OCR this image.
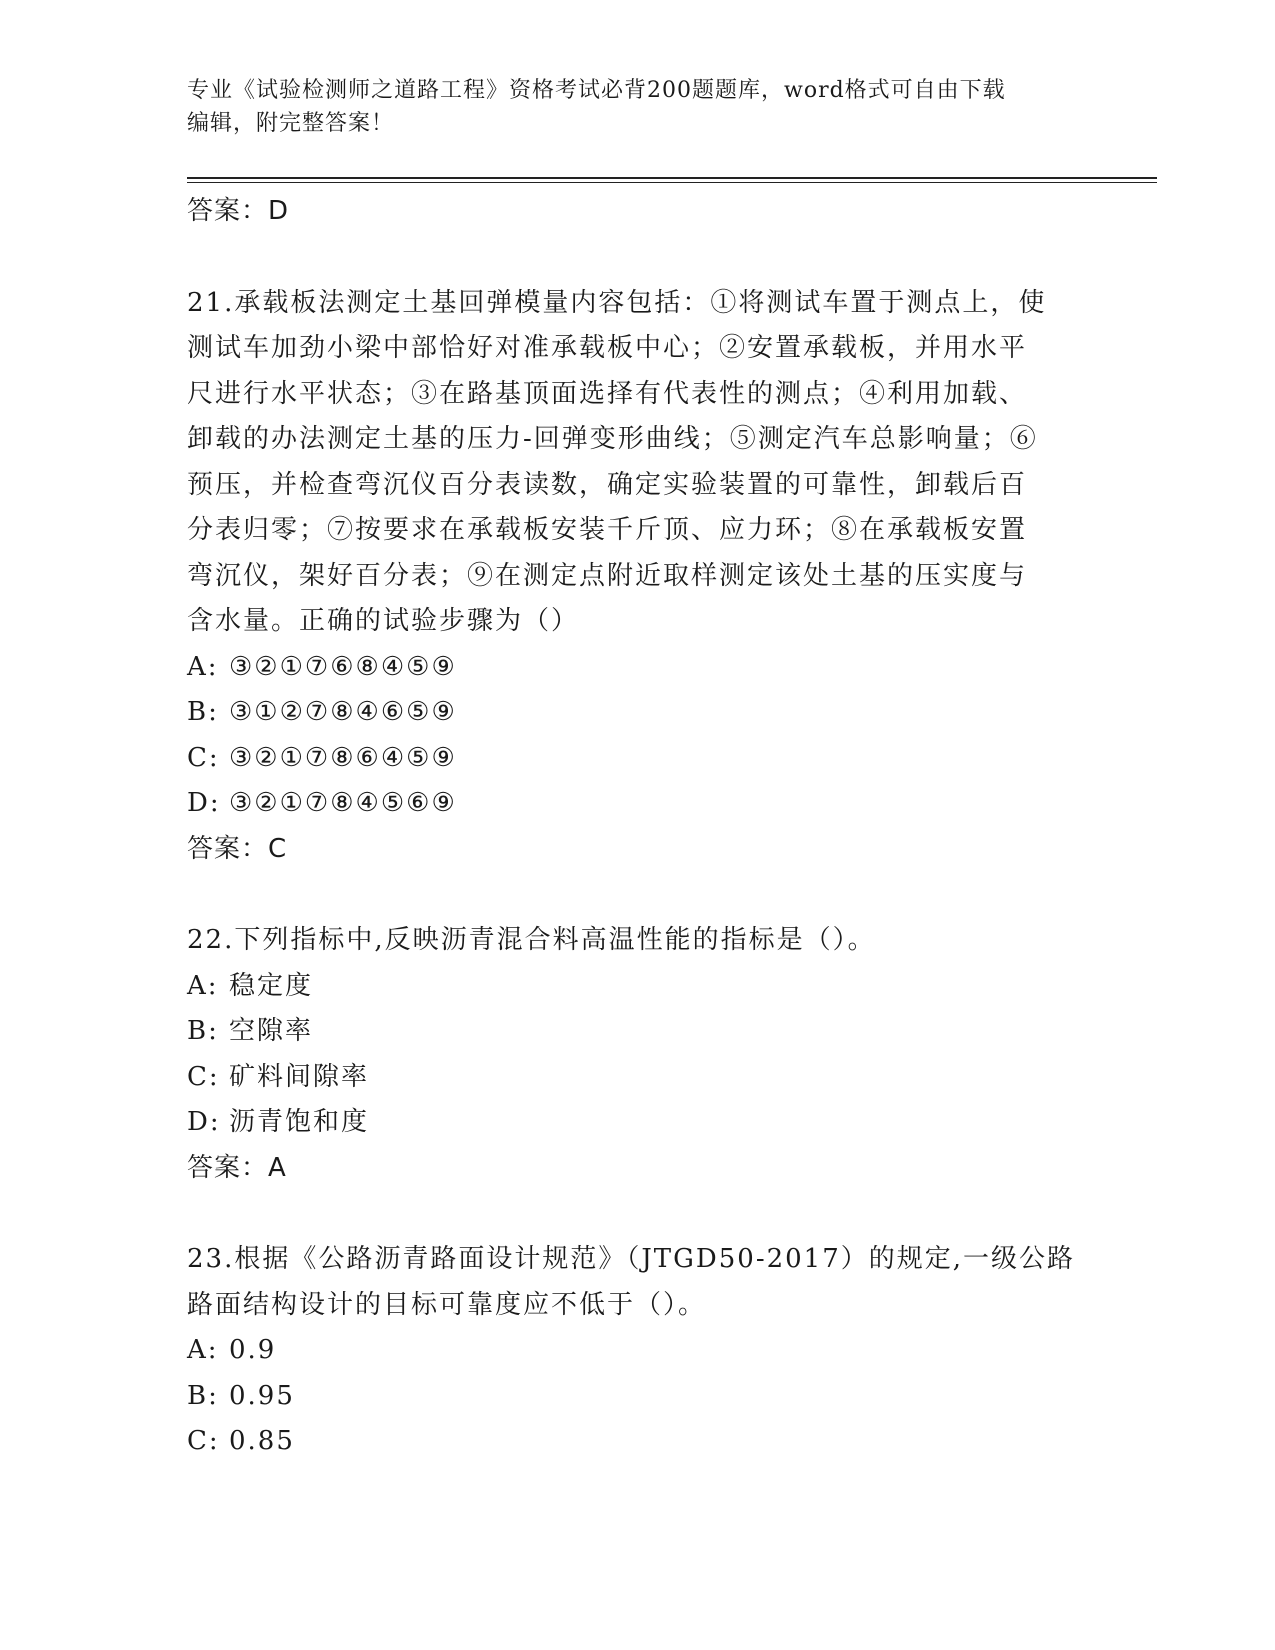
专业《试验检测师之道路工程》资格考试必背200题题库，word格式可自由下载
编辑，附完整答案！
答案：D
21.承载板法测定土基回弹模量内容包括：①将测试车置于测点上，使
测试车加劲小梁中部恰好对准承载板中心；②安置承载板，并用水平
尺进行水平状态；③在路基顶面选择有代表性的测点；④利用加载、
卸载的办法测定土基的压力-回弹变形曲线；⑤测定汽车总影响量；⑥
预压，并检查弯沉仪百分表读数，确定实验装置的可靠性，卸载后百
分表归零；⑦按要求在承载板安装千斤顶、应力环；⑧在承载板安置
弯沉仪，架好百分表；⑨在测定点附近取样测定该处土基的压实度与
含水量。正确的试验步骤为（）
A: ③②①⑦⑥⑧④⑤⑨
B: ③①②⑦⑧④⑥⑤⑨
C: ③②①⑦⑧⑥④⑤⑨
D: ③②①⑦⑧④⑤⑥⑨
答案：C
22.下列指标中,反映沥青混合料高温性能的指标是（）。
A: 稳定度
B: 空隙率
C: 矿料间隙率
D: 沥青饱和度
答案：A
23.根据《公路沥青路面设计规范》（JTGD50-2017）的规定,一级公路
路面结构设计的目标可靠度应不低于（）。
A: 0.9
B: 0.95
C: 0.85
